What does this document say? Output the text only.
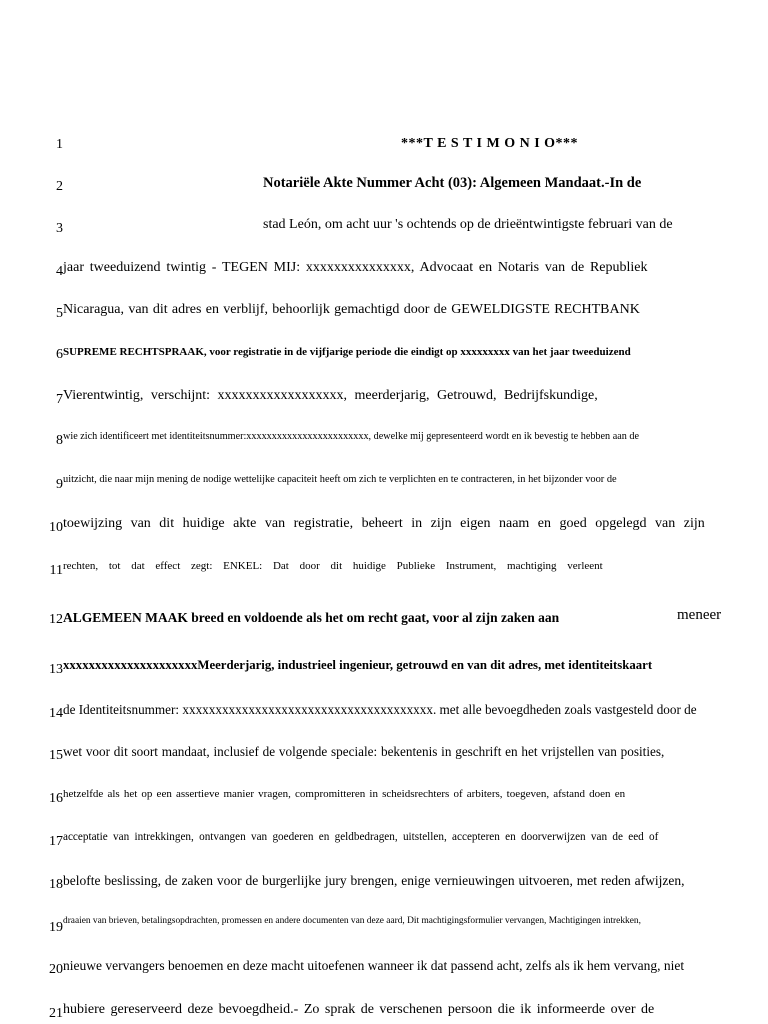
1	***T E S T I M O N I O***
2	Notariële Akte Nummer Acht (03): Algemeen Mandaat.-In de
3	stad León, om acht uur 's ochtends op de drieëntwintigste februari van de
4 jaar tweeduizend twintig - TEGEN MIJ: xxxxxxxxxxxxxxx, Advocaat en Notaris van de Republiek
5 Nicaragua, van dit adres en verblijf, behoorlijk gemachtigd door de GEWELDIGSTE RECHTBANK
6 SUPREME RECHTSPRAAK, voor registratie in de vijfjarige periode die eindigt op xxxxxxxxx van het jaar tweeduizend
7 Vierentwintig, verschijnt: xxxxxxxxxxxxxxxxxx, meerderjarig, Getrouwd, Bedrijfskundige,
8 wie zich identificeert met identiteitsnummer:xxxxxxxxxxxxxxxxxxxxxxxx, dewelke mij gepresenteerd wordt en ik bevestig te hebben aan de
9 uitzicht, die naar mijn mening de nodige wettelijke capaciteit heeft om zich te verplichten en te contracteren, in het bijzonder voor de
10 toewijzing van dit huidige akte van registratie, beheert in zijn eigen naam en goed opgelegd van zijn
11 rechten, tot dat effect zegt: ENKEL: Dat door dit huidige Publieke Instrument, machtiging verleent
12 ALGEMEEN MAAK breed en voldoende als het om recht gaat, voor al zijn zaken aan	meneer
13 xxxxxxxxxxxxxxxxxxxxxMeerderjarig, industrieel ingenieur, getrouwd en van dit adres, met identiteitskaart
14 de Identiteitsnummer: xxxxxxxxxxxxxxxxxxxxxxxxxxxxxxxxxxxxxx. met alle bevoegdheden zoals vastgesteld door de
15 wet voor dit soort mandaat, inclusief de volgende speciale: bekentenis in geschrift en het vrijstellen van posities,
16 hetzelfde als het op een assertieve manier vragen, compromitteren in scheidsrechters of arbiters, toegeven, afstand doen en
17 acceptatie van intrekkingen, ontvangen van goederen en geldbedragen, uitstellen, accepteren en doorverwijzen van de eed of
18 belofte beslissing, de zaken voor de burgerlijke jury brengen, enige vernieuwingen uitvoeren, met reden afwijzen,
19 draaien van brieven, betalingsopdrachten, promessen en andere documenten van deze aard, Dit machtigingsformulier vervangen, Machtigingen intrekken,
20 nieuwe vervangers benoemen en deze macht uitoefenen wanneer ik dat passend acht, zelfs als ik hem vervang, niet
21 hubiere gereserveerd deze bevoegdheid.- Zo sprak de verschenen persoon die ik informeerde over de
